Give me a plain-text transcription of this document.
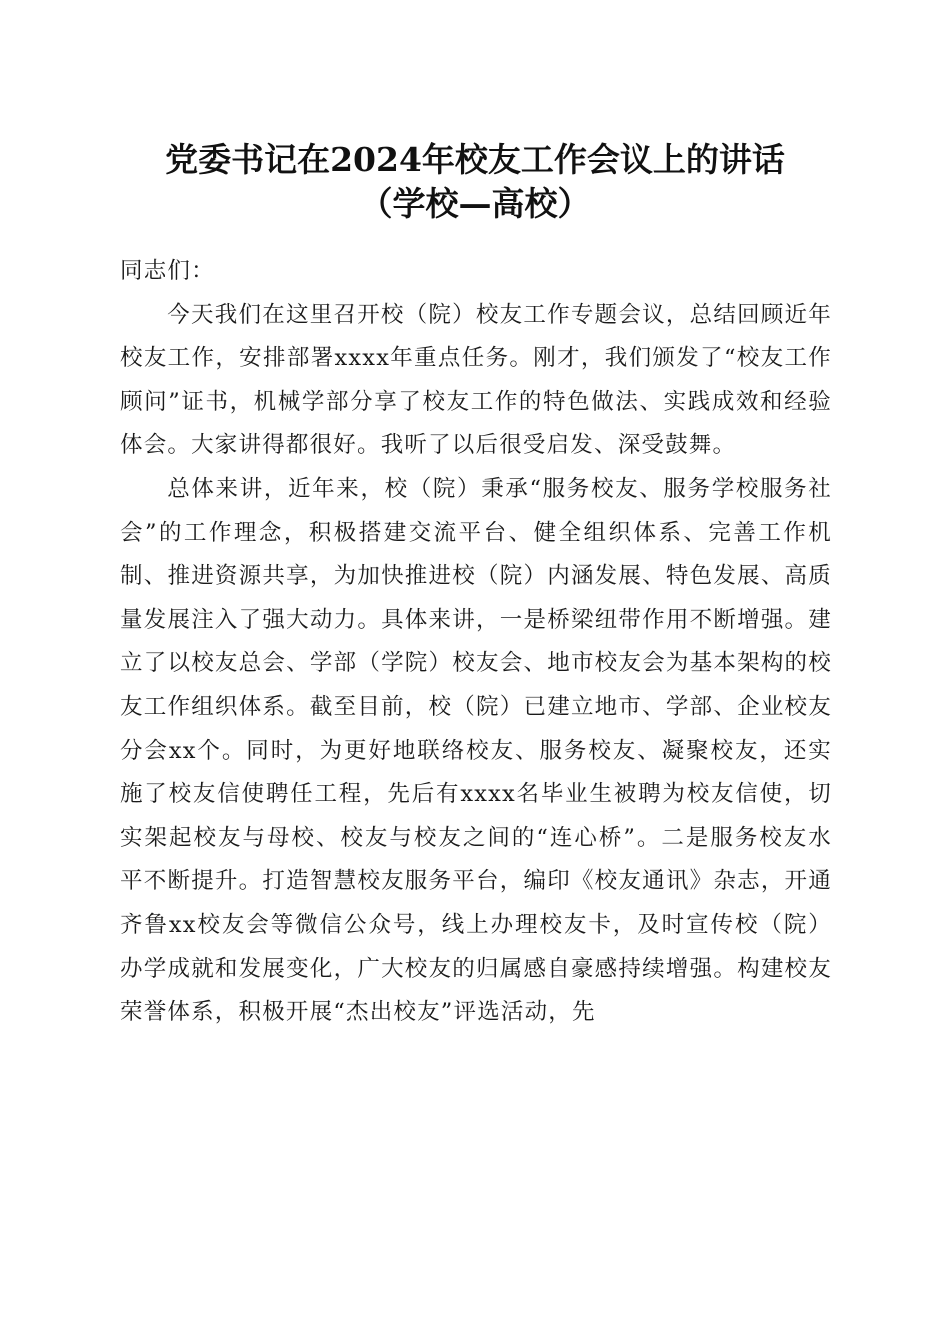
党委书记在2024年校友工作会议上的讲话
（学校—高校）

同志们：

今天我们在这里召开校（院）校友工作专题会议，总结回顾近年校友工作，安排部署xxxx年重点任务。刚才，我们颁发了“校友工作顾问”证书，机械学部分享了校友工作的特色做法、实践成效和经验体会。大家讲得都很好。我听了以后很受启发、深受鼓舞。

总体来讲，近年来，校（院）秉承“服务校友、服务学校服务社会”的工作理念，积极搭建交流平台、健全组织体系、完善工作机制、推进资源共享，为加快推进校（院）内涵发展、特色发展、高质量发展注入了强大动力。具体来讲，一是桥梁纽带作用不断增强。建立了以校友总会、学部（学院）校友会、地市校友会为基本架构的校友工作组织体系。截至目前，校（院）已建立地市、学部、企业校友分会xx个。同时，为更好地联络校友、服务校友、凝聚校友，还实施了校友信使聘任工程，先后有xxxx名毕业生被聘为校友信使，切实架起校友与母校、校友与校友之间的“连心桥”。二是服务校友水平不断提升。打造智慧校友服务平台，编印《校友通讯》杂志，开通齐鲁xx校友会等微信公众号，线上办理校友卡，及时宣传校（院）办学成就和发展变化，广大校友的归属感自豪感持续增强。构建校友荣誉体系，积极开展“杰出校友”评选活动，先
